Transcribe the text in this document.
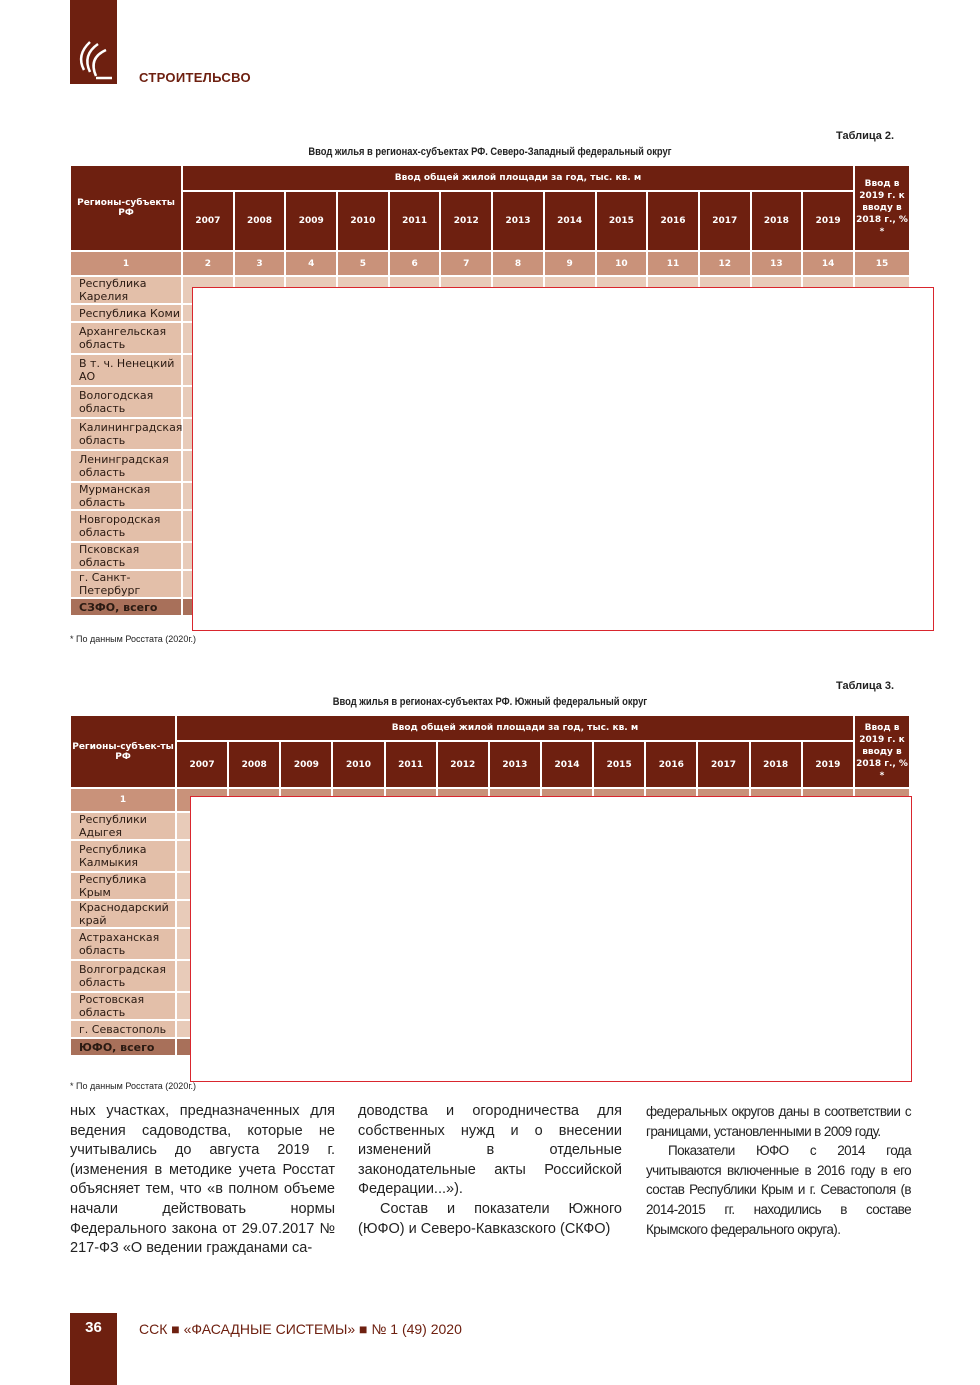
СТРОИТЕЛЬСВО
Таблица 2.
Ввод жилья в регионах-субъектах РФ. Северо-Западный федеральный округ
Регионы-субъекты РФ	Ввод общей жилой площади за год, тыс. кв. м													Ввод в 2019 г. к вводу в 2018 г., % *
	2007	2008	2009	2010	2011	2012	2013	2014	2015	2016	2017	2018	2019	
1	2	3	4	5	6	7	8	9	10	11	12	13	14	15
Республика Карелия														
Республика Коми														
Архангельская область														
В т. ч. Ненецкий АО														
Вологодская область														
Калининградская область														
Ленинградская область														
Мурманская область														
Новгородская область														
Псковская область														
г. Санкт-Петербург														
СЗФО, всего														
* По данным Росстата (2020г.)
Таблица 3.
Ввод жилья в регионах-субъектах РФ. Южный федеральный округ
Регионы-субъек-ты РФ	Ввод общей жилой площади за год, тыс. кв. м													Ввод в 2019 г. к вводу в 2018 г., % *
	2007	2008	2009	2010	2011	2012	2013	2014	2015	2016	2017	2018	2019	
1														
Республики Адыгея														
Республика Калмыкия														
Республика Крым														
Краснодарский край														
Астраханская область														
Волгоградская область														
Ростовская область														
г. Севастополь														
ЮФО, всего														
* По данным Росстата (2020г.)

ных участках, предназначенных для ведения садоводства, которые не учитывались до августа 2019 г. (изменения в методике учета Росстат объясняет тем, что «в полном объеме начали действовать нормы Федерального закона от 29.07.2017 № 217-ФЗ «О ведении гражданами са-

доводства и огородничества для собственных нужд и о внесении изменений в отдельные законодательные акты Российской Федерации...»).

Состав и показатели Южного (ЮФО) и Северо-Кавказского (СКФО)

федеральных округов даны в соответствии с границами, установленными в 2009 году.

Показатели ЮФО с 2014 года учитываются включенные в 2016 году в его состав Республики Крым и г. Севастополя (в 2014-2015 гг. находились в составе Крымского федерального округа).

36	ССК ■ «ФАСАДНЫЕ СИСТЕМЫ» ■ № 1 (49) 2020
